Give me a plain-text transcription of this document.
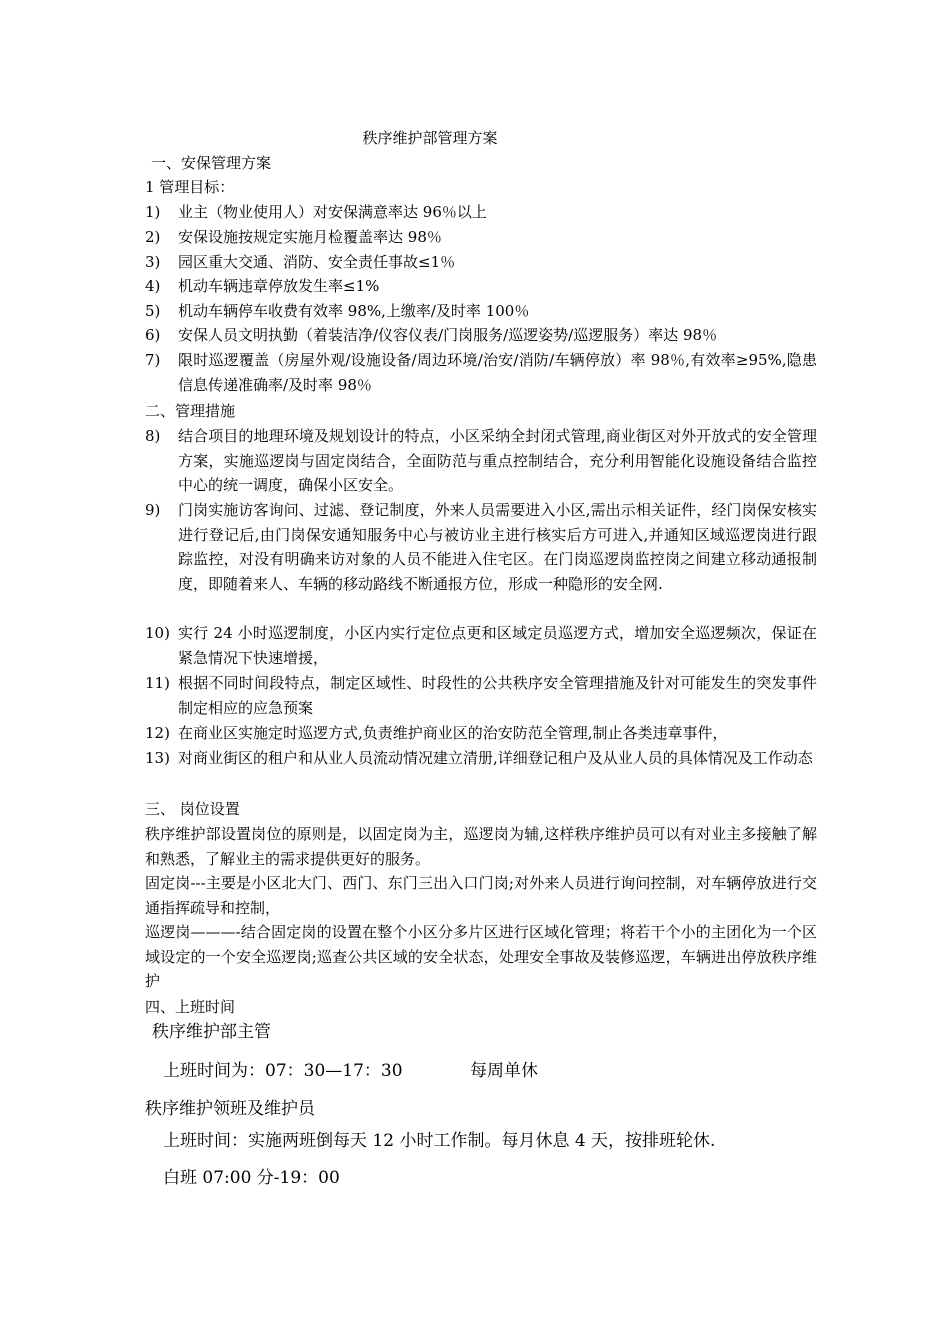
秩序维护部管理方案
一、安保管理方案
1 管理目标：
1) 业主（物业使用人）对安保满意率达 96％以上
2) 安保设施按规定实施月检覆盖率达 98％
3) 园区重大交通、消防、安全责任事故≤1％
4) 机动车辆违章停放发生率≤1%
5) 机动车辆停车收费有效率 98%,上缴率/及时率 100％
6) 安保人员文明执勤（着装洁净/仪容仪表/门岗服务/巡逻姿势/巡逻服务）率达 98％
7) 限时巡逻覆盖（房屋外观/设施设备/周边环境/治安/消防/车辆停放）率 98％,有效率≥95%,隐患信息传递准确率/及时率 98％
二、管理措施
8) 结合项目的地理环境及规划设计的特点，小区采纳全封闭式管理,商业街区对外开放式的安全管理方案，实施巡逻岗与固定岗结合，全面防范与重点控制结合，充分利用智能化设施设备结合监控中心的统一调度，确保小区安全。
9) 门岗实施访客询问、过滤、登记制度，外来人员需要进入小区,需出示相关证件，经门岗保安核实进行登记后,由门岗保安通知服务中心与被访业主进行核实后方可进入,并通知区域巡逻岗进行跟踪监控，对没有明确来访对象的人员不能进入住宅区。在门岗巡逻岗监控岗之间建立移动通报制度，即随着来人、车辆的移动路线不断通报方位，形成一种隐形的安全网.
10) 实行 24 小时巡逻制度，小区内实行定位点更和区域定员巡逻方式，增加安全巡逻频次，保证在紧急情况下快速增援，
11) 根据不同时间段特点，制定区域性、时段性的公共秩序安全管理措施及针对可能发生的突发事件制定相应的应急预案
12) 在商业区实施定时巡逻方式,负责维护商业区的治安防范全管理,制止各类违章事件，
13) 对商业街区的租户和从业人员流动情况建立清册,详细登记租户及从业人员的具体情况及工作动态
三、 岗位设置
秩序维护部设置岗位的原则是，以固定岗为主，巡逻岗为辅,这样秩序维护员可以有对业主多接触了解和熟悉，了解业主的需求提供更好的服务。
固定岗---主要是小区北大门、西门、东门三出入口门岗;对外来人员进行询问控制，对车辆停放进行交通指挥疏导和控制，
巡逻岗———-结合固定岗的设置在整个小区分多片区进行区域化管理；将若干个小的主团化为一个区域设定的一个安全巡逻岗;巡查公共区域的安全状态，处理安全事故及装修巡逻，车辆进出停放秩序维护
四、上班时间
秩序维护部主管
上班时间为：07：30—17：30	每周单休
秩序维护领班及维护员
上班时间：实施两班倒每天 12 小时工作制。每月休息 4 天，按排班轮休.
白班 07:00 分-19：00
